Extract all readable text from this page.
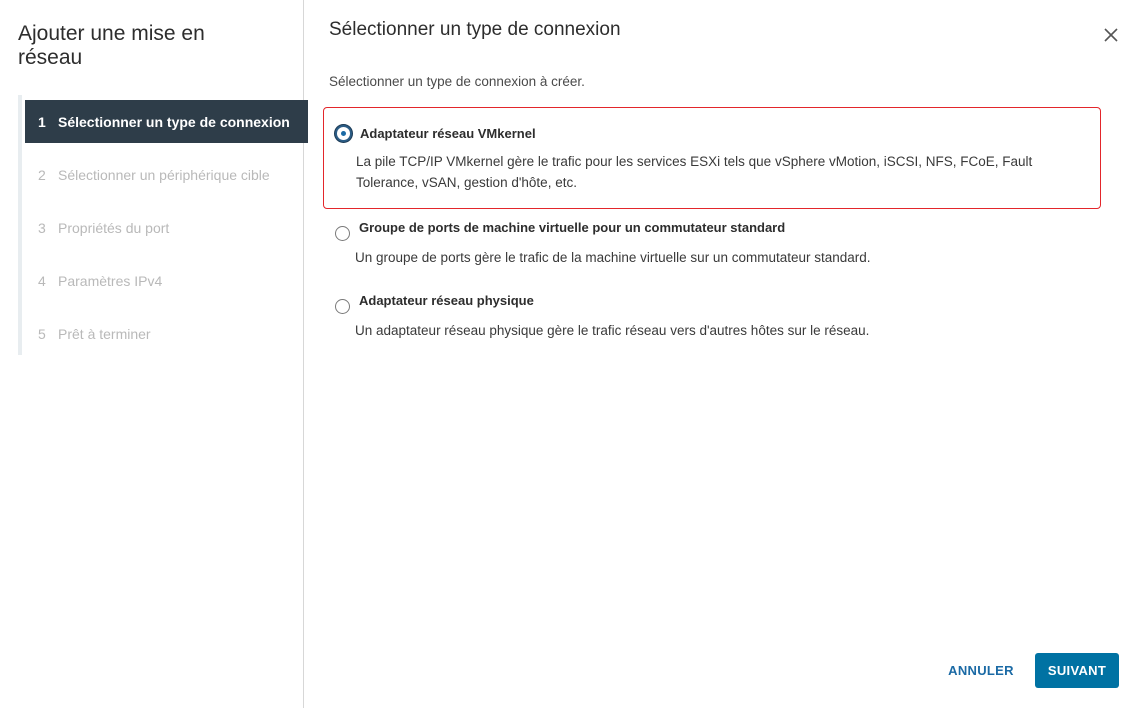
Ajouter une mise en réseau
1 Sélectionner un type de connexion
2 Sélectionner un périphérique cible
3 Propriétés du port
4 Paramètres IPv4
5 Prêt à terminer
Sélectionner un type de connexion
Sélectionner un type de connexion à créer.
Adaptateur réseau VMkernel
La pile TCP/IP VMkernel gère le trafic pour les services ESXi tels que vSphere vMotion, iSCSI, NFS, FCoE, Fault Tolerance, vSAN, gestion d'hôte, etc.
Groupe de ports de machine virtuelle pour un commutateur standard
Un groupe de ports gère le trafic de la machine virtuelle sur un commutateur standard.
Adaptateur réseau physique
Un adaptateur réseau physique gère le trafic réseau vers d'autres hôtes sur le réseau.
ANNULER	SUIVANT
